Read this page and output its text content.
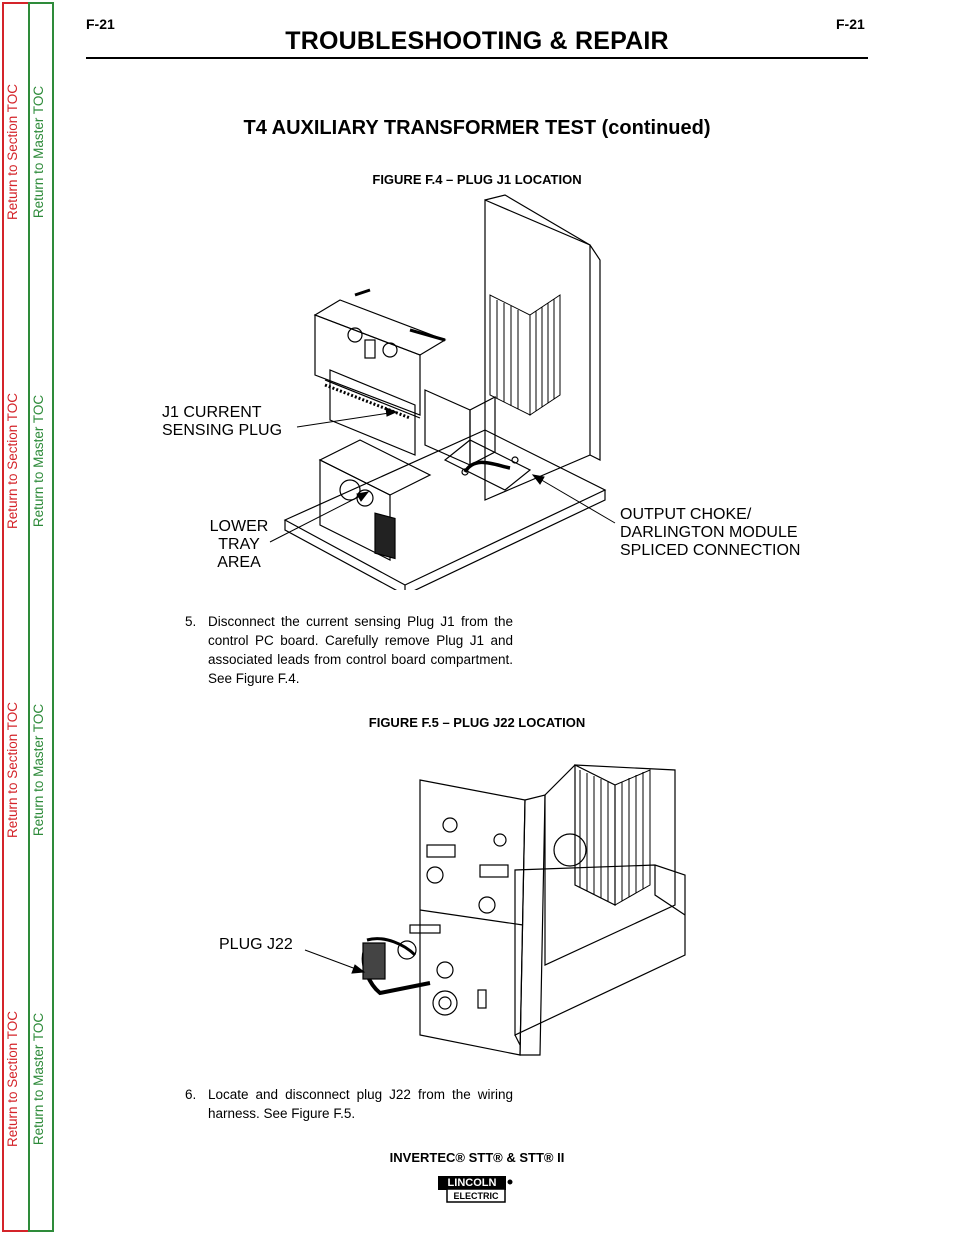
Return to Section TOC Return to Master TOC
Return to Section TOC Return to Master TOC
Return to Section TOC Return to Master TOC
Return to Section TOC Return to Master TOC
F-21	F-21
TROUBLESHOOTING & REPAIR
T4 AUXILIARY TRANSFORMER TEST (continued)
FIGURE F.4 – PLUG J1 LOCATION
J1 CURRENT
SENSING PLUG
LOWER
TRAY
AREA
OUTPUT CHOKE/
DARLINGTON MODULE
SPLICED CONNECTION
5. Disconnect the current sensing Plug J1 from the control PC board. Carefully remove Plug J1 and associated leads from control board compartment. See Figure F.4.
FIGURE F.5 – PLUG J22 LOCATION
PLUG J22
6. Locate and disconnect plug J22 from the wiring harness. See Figure F.5.
INVERTEC® STT® & STT® II
LINCOLN
ELECTRIC
